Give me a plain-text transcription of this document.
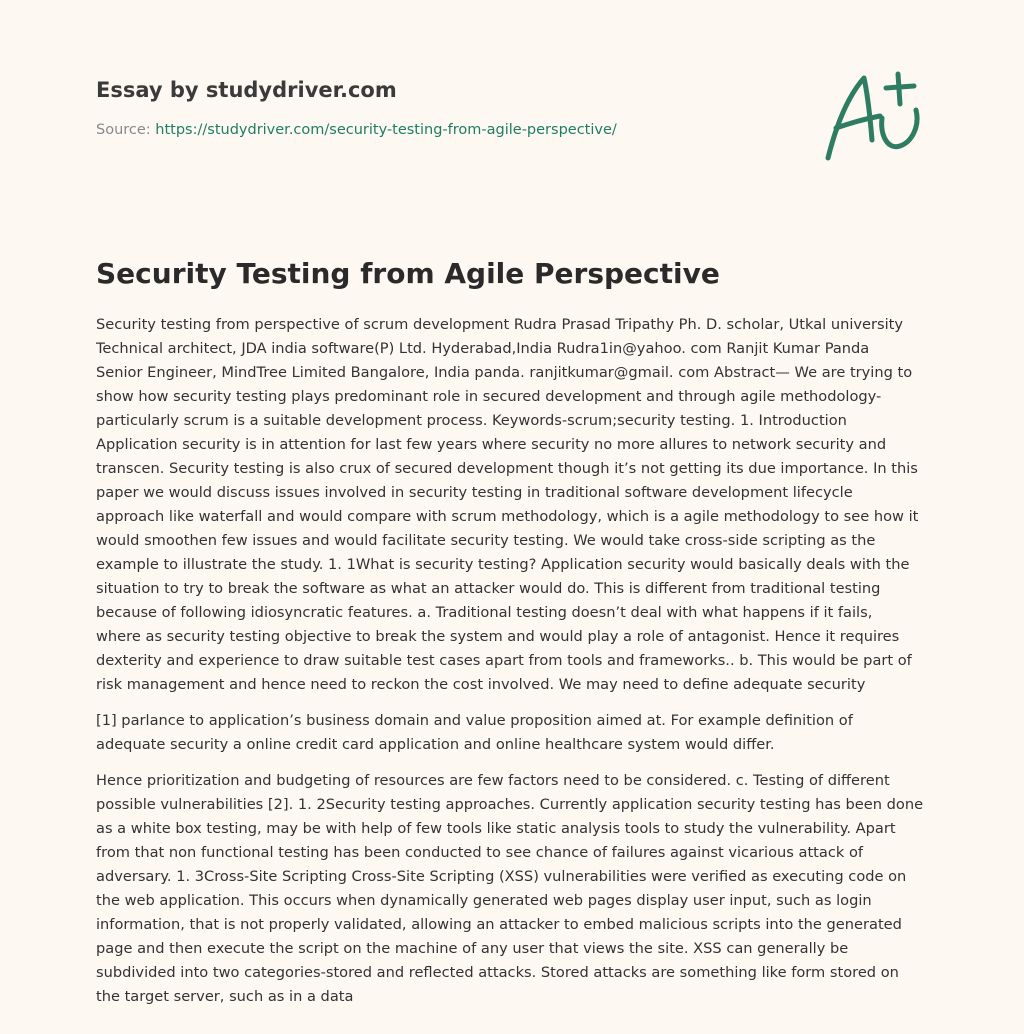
Essay by studydriver.com
Source: https://studydriver.com/security-testing-from-agile-perspective/
Security Testing from Agile Perspective

Security testing from perspective of scrum development Rudra Prasad Tripathy Ph. D. scholar, Utkal university
Technical architect, JDA india software(P) Ltd. Hyderabad,India Rudra1in@yahoo. com Ranjit Kumar Panda
Senior Engineer, MindTree Limited Bangalore, India panda. ranjitkumar@gmail. com Abstract— We are trying to
show how security testing plays predominant role in secured development and through agile methodology-
particularly scrum is a suitable development process. Keywords-scrum;security testing. 1. Introduction
Application security is in attention for last few years where security no more allures to network security and
transcen. Security testing is also crux of secured development though it’s not getting its due importance. In this
paper we would discuss issues involved in security testing in traditional software development lifecycle
approach like waterfall and would compare with scrum methodology, which is a agile methodology to see how it
would smoothen few issues and would facilitate security testing. We would take cross-side scripting as the
example to illustrate the study. 1. 1What is security testing? Application security would basically deals with the
situation to try to break the software as what an attacker would do. This is different from traditional testing
because of following idiosyncratic features. a. Traditional testing doesn’t deal with what happens if it fails,
where as security testing objective to break the system and would play a role of antagonist. Hence it requires
dexterity and experience to draw suitable test cases apart from tools and frameworks.. b. This would be part of
risk management and hence need to reckon the cost involved. We may need to define adequate security

[1] parlance to application’s business domain and value proposition aimed at. For example definition of
adequate security a online credit card application and online healthcare system would differ.

Hence prioritization and budgeting of resources are few factors need to be considered. c. Testing of different
possible vulnerabilities [2]. 1. 2Security testing approaches. Currently application security testing has been done
as a white box testing, may be with help of few tools like static analysis tools to study the vulnerability. Apart
from that non functional testing has been conducted to see chance of failures against vicarious attack of
adversary. 1. 3Cross-Site Scripting Cross-Site Scripting (XSS) vulnerabilities were verified as executing code on
the web application. This occurs when dynamically generated web pages display user input, such as login
information, that is not properly validated, allowing an attacker to embed malicious scripts into the generated
page and then execute the script on the machine of any user that views the site. XSS can generally be
subdivided into two categories-stored and reflected attacks. Stored attacks are something like form stored on
the target server, such as in a data
